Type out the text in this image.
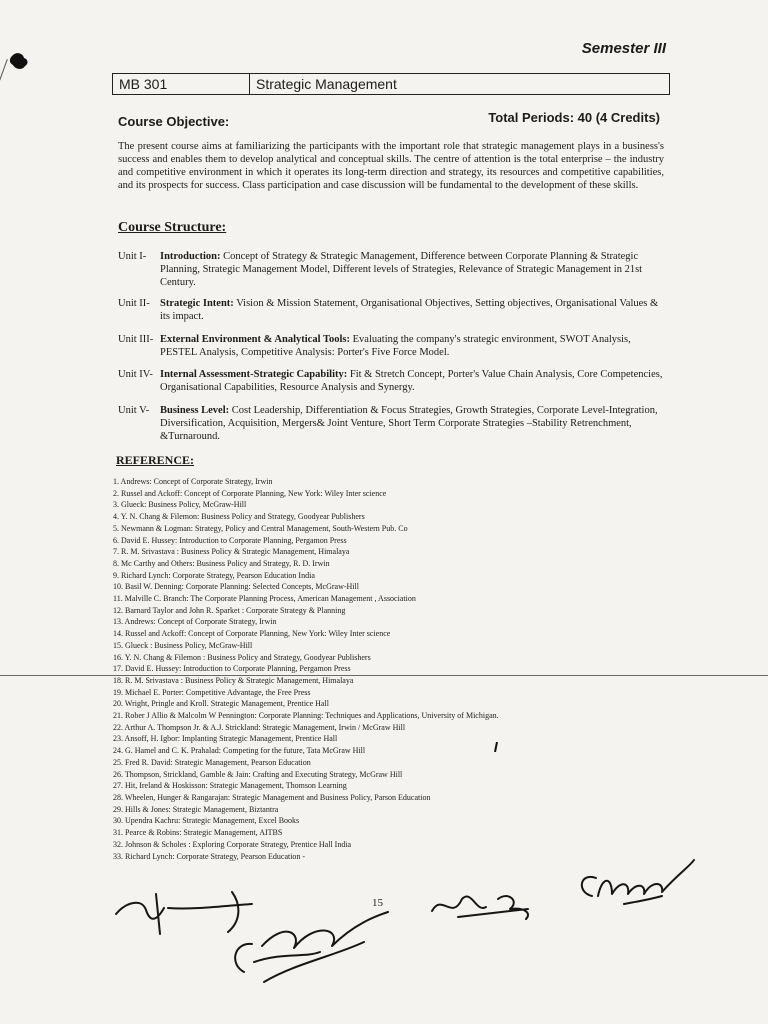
Semester III
MB 301	Strategic Management
Course Objective:	Total Periods: 40 (4 Credits)
The present course aims at familiarizing the participants with the important role that strategic management plays in a business's success and enables them to develop analytical and conceptual skills. The centre of attention is the total enterprise – the industry and competitive environment in which it operates its long-term direction and strategy, its resources and competitive capabilities, and its prospects for success. Class participation and case discussion will be fundamental to the development of these skills.
Course Structure:
Unit I-	Introduction: Concept of Strategy & Strategic Management, Difference between Corporate Planning & Strategic Planning, Strategic Management Model, Different levels of Strategies, Relevance of Strategic Management in 21st Century.
Unit II- Strategic Intent: Vision & Mission Statement, Organisational Objectives, Setting objectives, Organisational Values & its impact.
Unit III- External Environment & Analytical Tools: Evaluating the company's strategic environment, SWOT Analysis, PESTEL Analysis, Competitive Analysis: Porter's Five Force Model.
Unit IV- Internal Assessment-Strategic Capability: Fit & Stretch Concept, Porter's Value Chain Analysis, Core Competencies, Organisational Capabilities, Resource Analysis and Synergy.
Unit V-	Business Level: Cost Leadership, Differentiation & Focus Strategies, Growth Strategies, Corporate Level-Integration, Diversification, Acquisition, Mergers& Joint Venture, Short Term Corporate Strategies –Stability Retrenchment, &Turnaround.
REFERENCE:
1. Andrews: Concept of Corporate Strategy, Irwin
2. Russel and Ackoff: Concept of Corporate Planning, New York: Wiley Inter science
3. Glueck: Business Policy, McGraw-Hill
4. Y. N. Chang & Filemon: Business Policy and Strategy, Goodyear Publishers
5. Newmann & Logman: Strategy, Policy and Central Management, South-Western Pub. Co
6. David E. Hussey: Introduction to Corporate Planning, Pergamon Press
7. R. M. Srivastava : Business Policy & Strategic Management, Himalaya
8. Mc Carthy and Others: Business Policy and Strategy, R. D. Irwin
9. Richard Lynch: Corporate Strategy, Pearson Education India
10. Basil W. Denning: Corporate Planning: Selected Concepts, McGraw-Hill
11. Malville C. Branch: The Corporate Planning Process, American Management , Association
12. Barnard Taylor and John R. Sparket : Corporate Strategy & Planning
13. Andrews: Concept of Corporate Strategy, Irwin
14. Russel and Ackoff: Concept of Corporate Planning, New York: Wiley Inter science
15. Glueck : Business Policy, McGraw-Hill
16. Y. N. Chang & Filemon : Business Policy and Strategy, Goodyear Publishers
17. David E. Hussey: Introduction to Corporate Planning, Pergamon Press
18. R. M. Srivastava : Business Policy & Strategic Management, Himalaya
19. Michael E. Porter: Competitive Advantage, the Free Press
20. Wright, Pringle and Kroll. Strategic Management, Prentice Hall
21. Rober J Allio & Malcolm W Pennington: Corporate Planning: Techniques and Applications, University of Michigan.
22. Arthur A. Thompson Jr. & A.J. Strickland: Strategic Management, Irwin / McGraw Hill
23. Ansoff, H. Igbor: Implanting Strategic Management, Prentice Hall
24. G. Hamel and C. K. Prahalad: Competing for the future, Tata McGraw Hill
25. Fred R. David: Strategic Management, Pearson Education
26. Thompson, Strickland, Gamble & Jain: Crafting and Executing Strategy, McGraw Hill
27. Hit, Ireland & Hoskisson: Strategic Management, Thomson Learning
28. Wheelen, Hunger & Rangarajan: Strategic Management and Business Policy, Parson Education
29. Hills & Jones: Strategic Management, Biztantra
30. Upendra Kachru: Strategic Management, Excel Books
31. Pearce & Robins: Strategic Management, AITBS
32. Johnson & Scholes : Exploring Corporate Strategy, Prentice Hall India
33. Richard Lynch: Corporate Strategy, Pearson Education -
15
